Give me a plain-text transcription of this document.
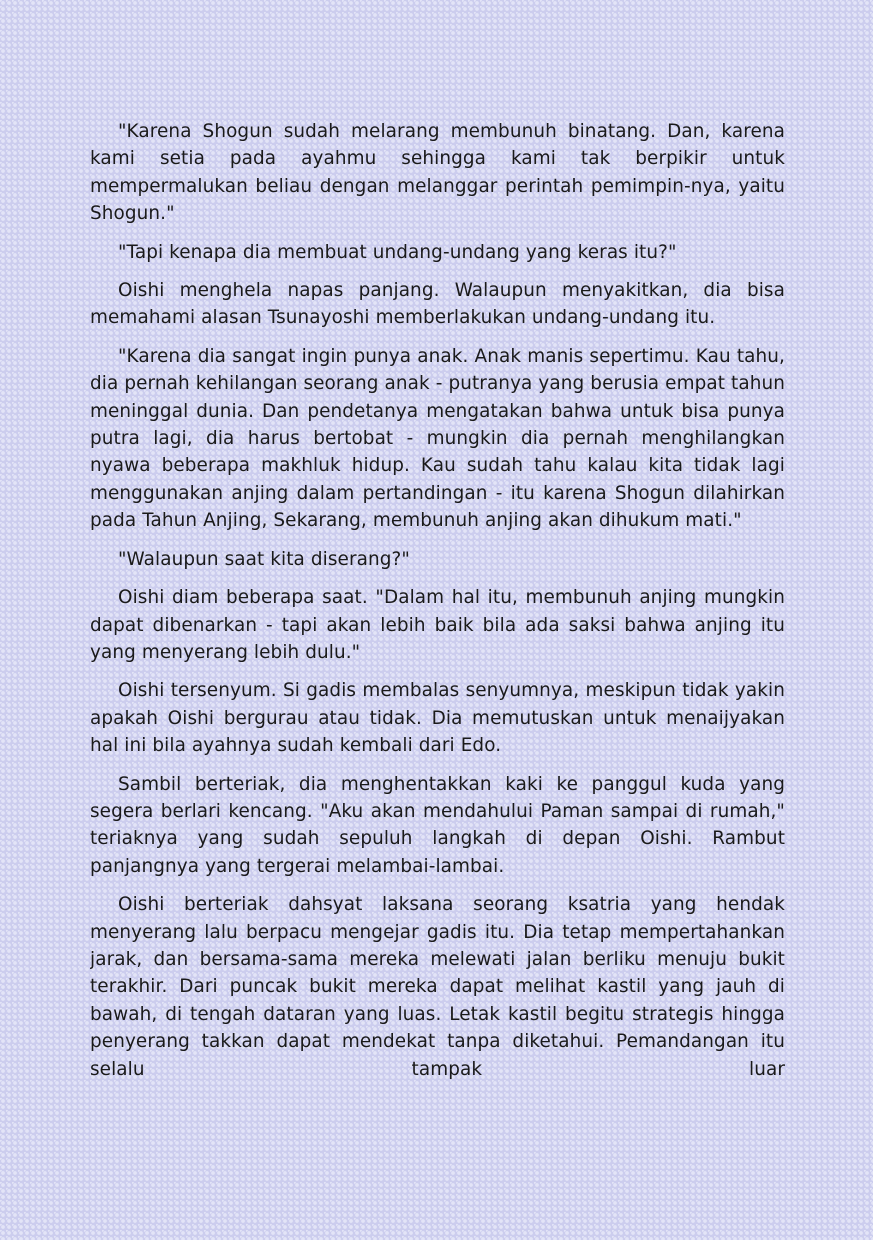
"Karena Shogun sudah melarang membunuh binatang. Dan, karena kami setia pada ayahmu sehingga kami tak berpikir untuk mempermalukan beliau dengan melanggar perintah pemimpin-nya, yaitu Shogun."

"Tapi kenapa dia membuat undang-undang yang keras itu?"

Oishi menghela napas panjang. Walaupun menyakitkan, dia bisa memahami alasan Tsunayoshi memberlakukan undang-undang itu.

"Karena dia sangat ingin punya anak. Anak manis sepertimu. Kau tahu, dia pernah kehilangan seorang anak - putranya yang berusia empat tahun meninggal dunia. Dan pendetanya mengatakan bahwa untuk bisa punya putra lagi, dia harus bertobat - mungkin dia pernah menghilangkan nyawa beberapa makhluk hidup. Kau sudah tahu kalau kita tidak lagi menggunakan anjing dalam pertandingan - itu karena Shogun dilahirkan pada Tahun Anjing, Sekarang, membunuh anjing akan dihukum mati."

"Walaupun saat kita diserang?"

Oishi diam beberapa saat. "Dalam hal itu, membunuh anjing mungkin dapat dibenarkan - tapi akan lebih baik bila ada saksi bahwa anjing itu yang menyerang lebih dulu."

Oishi tersenyum. Si gadis membalas senyumnya, meskipun tidak yakin apakah Oishi bergurau atau tidak. Dia memutuskan untuk menaijyakan hal ini bila ayahnya sudah kembali dari Edo.

Sambil berteriak, dia menghentakkan kaki ke panggul kuda yang segera berlari kencang. "Aku akan mendahului Paman sampai di rumah," teriaknya yang sudah sepuluh langkah di depan Oishi. Rambut panjangnya yang tergerai melambai-lambai.

Oishi berteriak dahsyat laksana seorang ksatria yang hendak menyerang lalu berpacu mengejar gadis itu. Dia tetap mempertahankan jarak, dan bersama-sama mereka melewati jalan berliku menuju bukit terakhir. Dari puncak bukit mereka dapat melihat kastil yang jauh di bawah, di tengah dataran yang luas. Letak kastil begitu strategis hingga penyerang takkan dapat mendekat tanpa diketahui. Pemandangan itu selalu tampak luar
